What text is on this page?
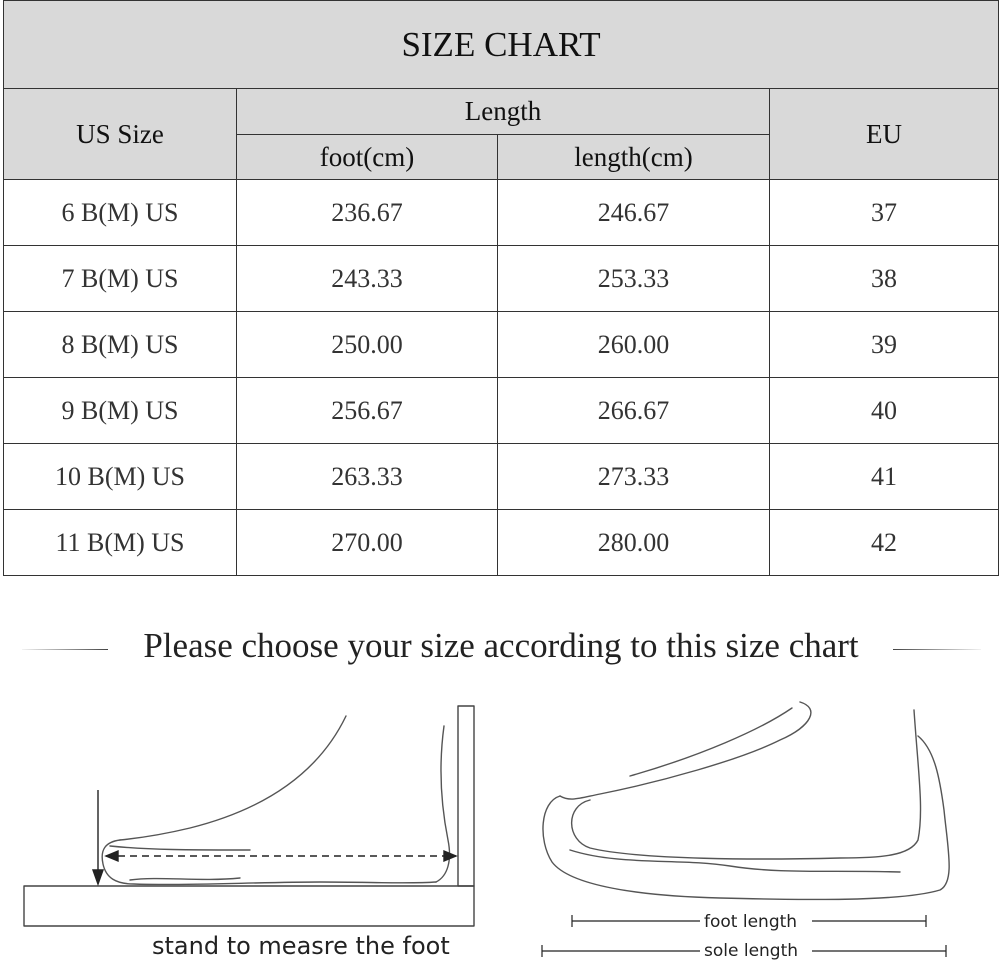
SIZE CHART			
US Size	Length		EU
	foot(cm)	length(cm)	
6 B(M) US	236.67	246.67	37
7 B(M) US	243.33	253.33	38
8 B(M) US	250.00	260.00	39
9 B(M) US	256.67	266.67	40
10 B(M) US	263.33	273.33	41
11 B(M) US	270.00	280.00	42
Please choose your size according to this size chart
stand to measre the foot
foot length
sole length
